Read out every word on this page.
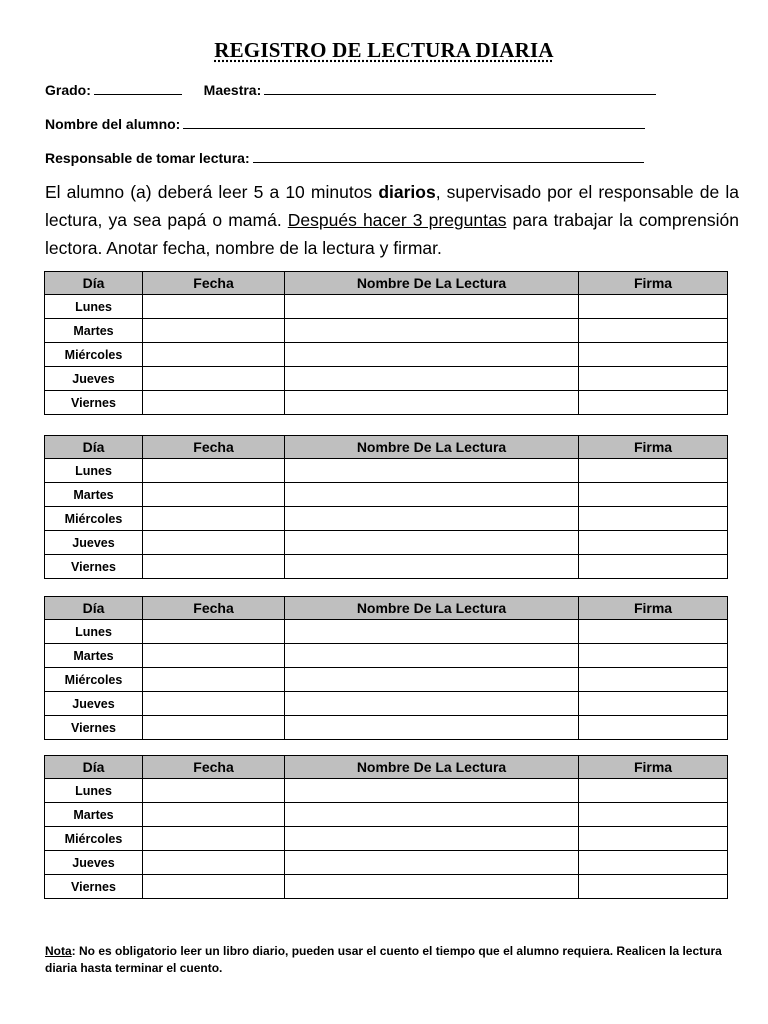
REGISTRO DE LECTURA DIARIA
Grado:	Maestra:
Nombre del alumno:
Responsable de tomar lectura:
El alumno (a) deberá leer 5 a 10 minutos diarios, supervisado por el responsable de la lectura, ya sea papá o mamá. Después hacer 3 preguntas para trabajar la comprensión lectora. Anotar fecha, nombre de la lectura y firmar.
Día	Fecha	Nombre De La Lectura	Firma
Lunes			
Martes			
Miércoles			
Jueves			
Viernes			
Día	Fecha	Nombre De La Lectura	Firma
Lunes			
Martes			
Miércoles			
Jueves			
Viernes			
Día	Fecha	Nombre De La Lectura	Firma
Lunes			
Martes			
Miércoles			
Jueves			
Viernes			
Día	Fecha	Nombre De La Lectura	Firma
Lunes			
Martes			
Miércoles			
Jueves			
Viernes			
Nota: No es obligatorio leer un libro diario, pueden usar el cuento el tiempo que el alumno requiera. Realicen la lectura diaria hasta terminar el cuento.
